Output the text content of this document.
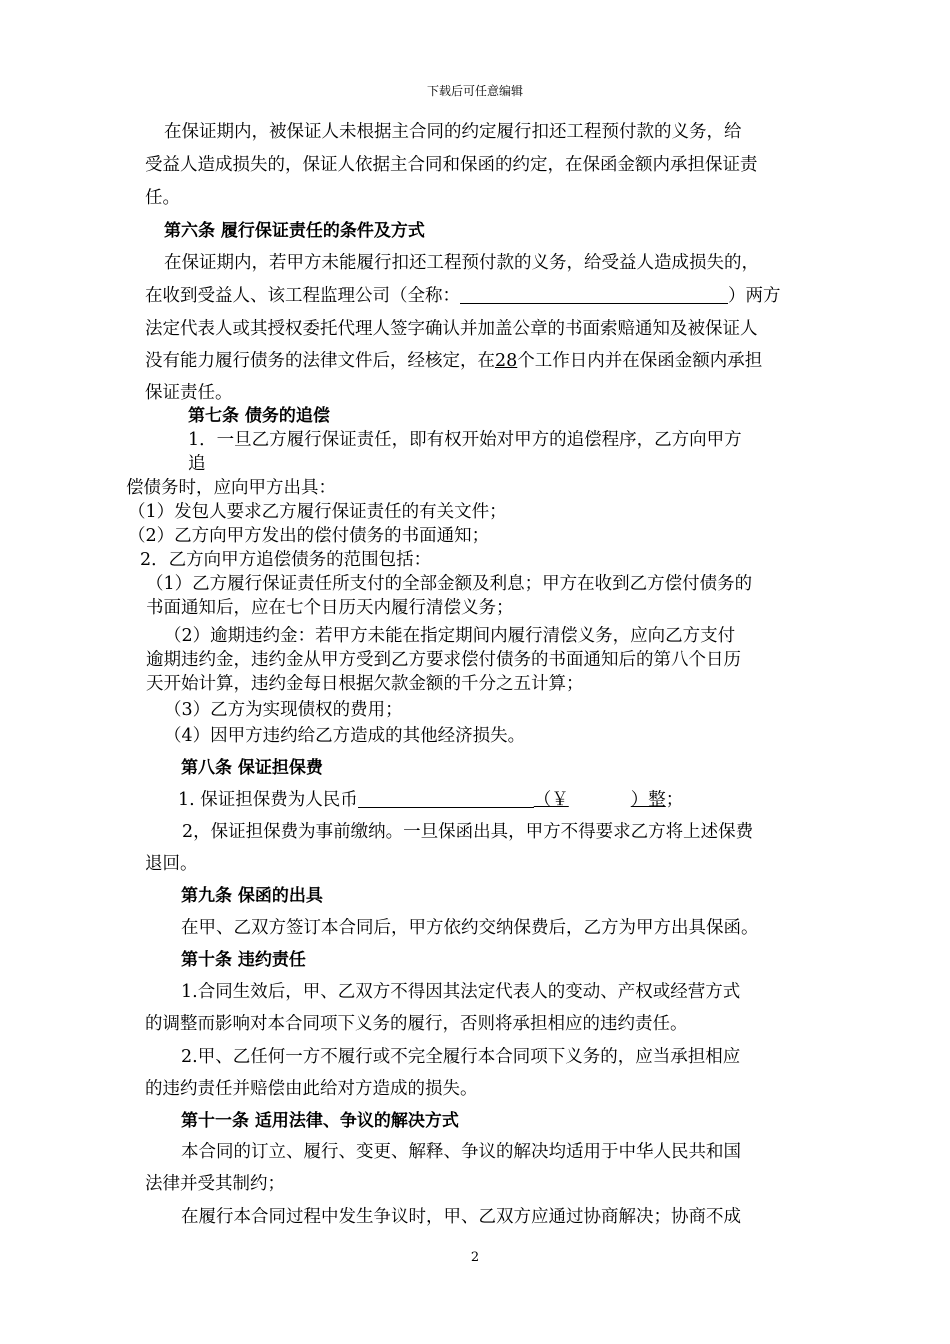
下载后可任意编辑
在保证期内，被保证人未根据主合同的约定履行扣还工程预付款的义务，给
受益人造成损失的，保证人依据主合同和保函的约定，在保函金额内承担保证责
任。
第六条 履行保证责任的条件及方式
在保证期内，若甲方未能履行扣还工程预付款的义务，给受益人造成损失的，
在收到受益人、该工程监理公司（全称：	）两方
法定代表人或其授权委托代理人签字确认并加盖公章的书面索赔通知及被保证人
没有能力履行债务的法律文件后，经核定，在28个工作日内并在保函金额内承担
保证责任。
第七条 债务的追偿
1．一旦乙方履行保证责任，即有权开始对甲方的追偿程序，乙方向甲方
追
偿债务时，应向甲方出具：
（1）发包人要求乙方履行保证责任的有关文件；
（2）乙方向甲方发出的偿付债务的书面通知；
2．乙方向甲方追偿债务的范围包括：
（1）乙方履行保证责任所支付的全部金额及利息；甲方在收到乙方偿付债务的
书面通知后，应在七个日历天内履行清偿义务；
（2）逾期违约金：若甲方未能在指定期间内履行清偿义务，应向乙方支付
逾期违约金，违约金从甲方受到乙方要求偿付债务的书面通知后的第八个日历
天开始计算，违约金每日根据欠款金额的千分之五计算；
（3）乙方为实现债权的费用；
（4）因甲方违约给乙方造成的其他经济损失。
第八条 保证担保费
1. 保证担保费为人民币	（￥	）整；
2，保证担保费为事前缴纳。一旦保函出具，甲方不得要求乙方将上述保费
退回。
第九条 保函的出具
在甲、乙双方签订本合同后，甲方依约交纳保费后，乙方为甲方出具保函。
第十条 违约责任
1.合同生效后，甲、乙双方不得因其法定代表人的变动、产权或经营方式
的调整而影响对本合同项下义务的履行，否则将承担相应的违约责任。
2.甲、乙任何一方不履行或不完全履行本合同项下义务的，应当承担相应
的违约责任并赔偿由此给对方造成的损失。
第十一条 适用法律、争议的解决方式
本合同的订立、履行、变更、解释、争议的解决均适用于中华人民共和国
法律并受其制约；
在履行本合同过程中发生争议时，甲、乙双方应通过协商解决；协商不成
2
